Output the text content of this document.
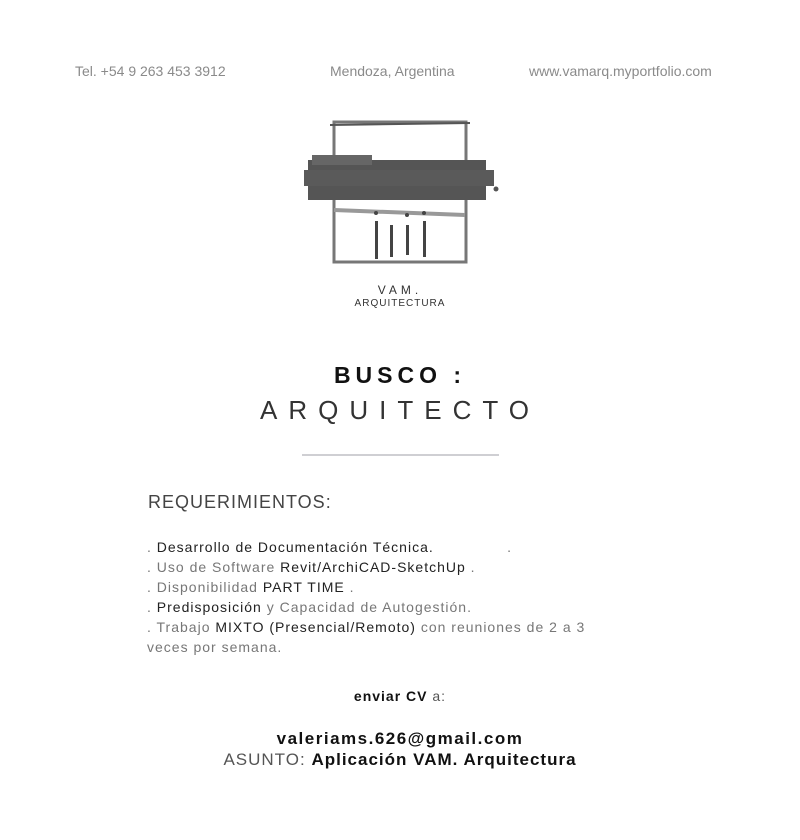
Tel. +54 9 263 453 3912	Mendoza, Argentina	www.vamarq.myportfolio.com
VAM.
ARQUITECTURA
BUSCO :
ARQUITECTO
REQUERIMIENTOS:

. Desarrollo de Documentación Técnica.               .

. Uso de Software Revit/ArchiCAD-SketchUp .

. Disponibilidad PART TIME .

. Predisposición y Capacidad de Autogestión.

. Trabajo MIXTO (Presencial/Remoto) con reuniones de 2 a 3

veces por semana.

enviar CV a:
valeriams.626@gmail.com
ASUNTO: Aplicación VAM. Arquitectura
